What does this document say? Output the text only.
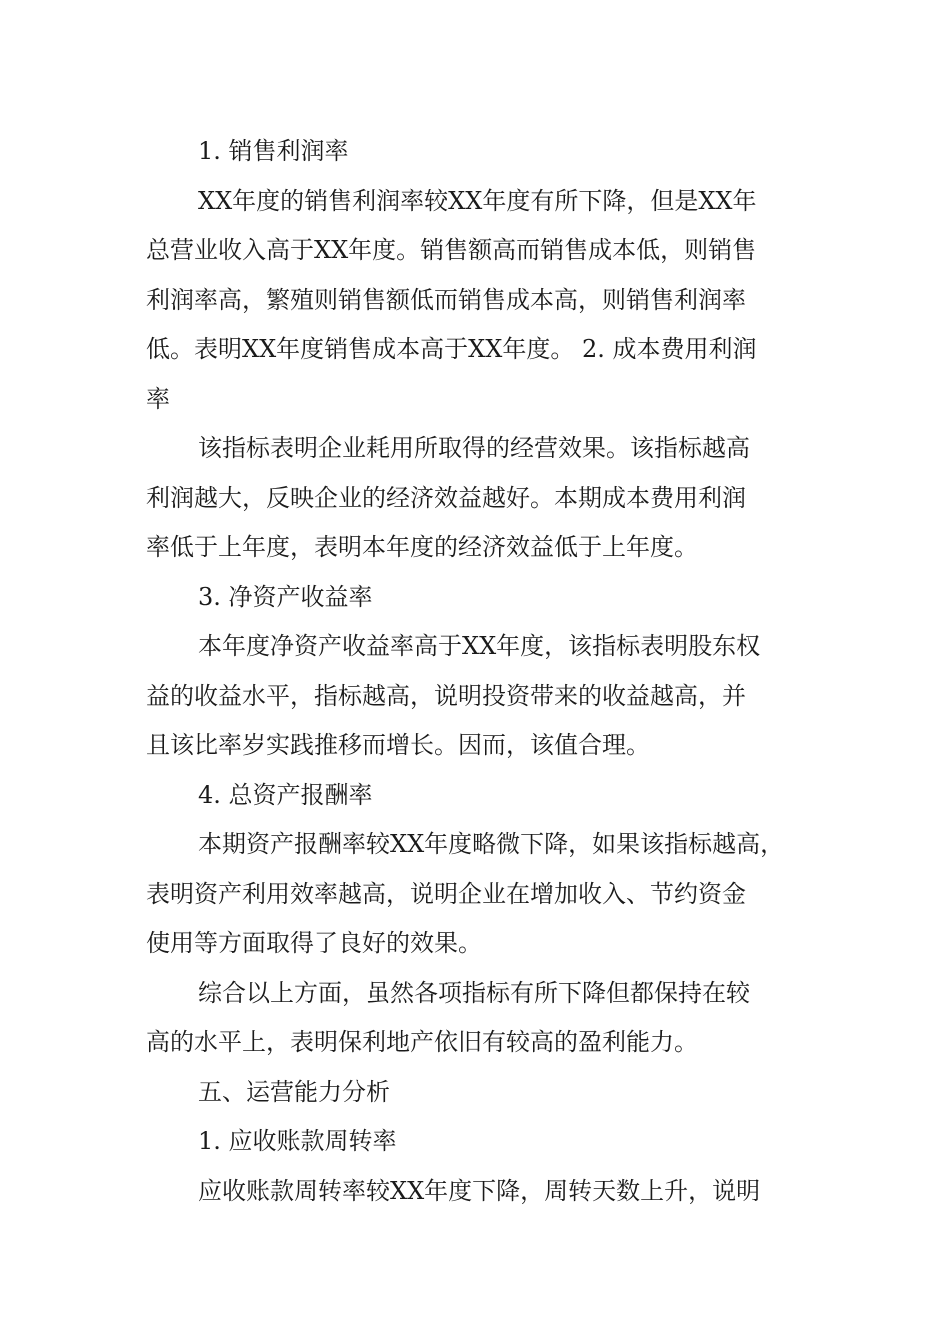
1. 销售利润率
XX年度的销售利润率较XX年度有所下降，但是XX年
总营业收入高于XX年度。销售额高而销售成本低，则销售
利润率高，繁殖则销售额低而销售成本高，则销售利润率
低。表明XX年度销售成本高于XX年度。 2. 成本费用利润
率
该指标表明企业耗用所取得的经营效果。该指标越高
利润越大，反映企业的经济效益越好。本期成本费用利润
率低于上年度，表明本年度的经济效益低于上年度。
3. 净资产收益率
本年度净资产收益率高于XX年度，该指标表明股东权
益的收益水平，指标越高，说明投资带来的收益越高，并
且该比率岁实践推移而增长。因而，该值合理。
4. 总资产报酬率
本期资产报酬率较XX年度略微下降，如果该指标越高，
表明资产利用效率越高，说明企业在增加收入、节约资金
使用等方面取得了良好的效果。
综合以上方面，虽然各项指标有所下降但都保持在较
高的水平上，表明保利地产依旧有较高的盈利能力。
五、运营能力分析
1. 应收账款周转率
应收账款周转率较XX年度下降，周转天数上升，说明
